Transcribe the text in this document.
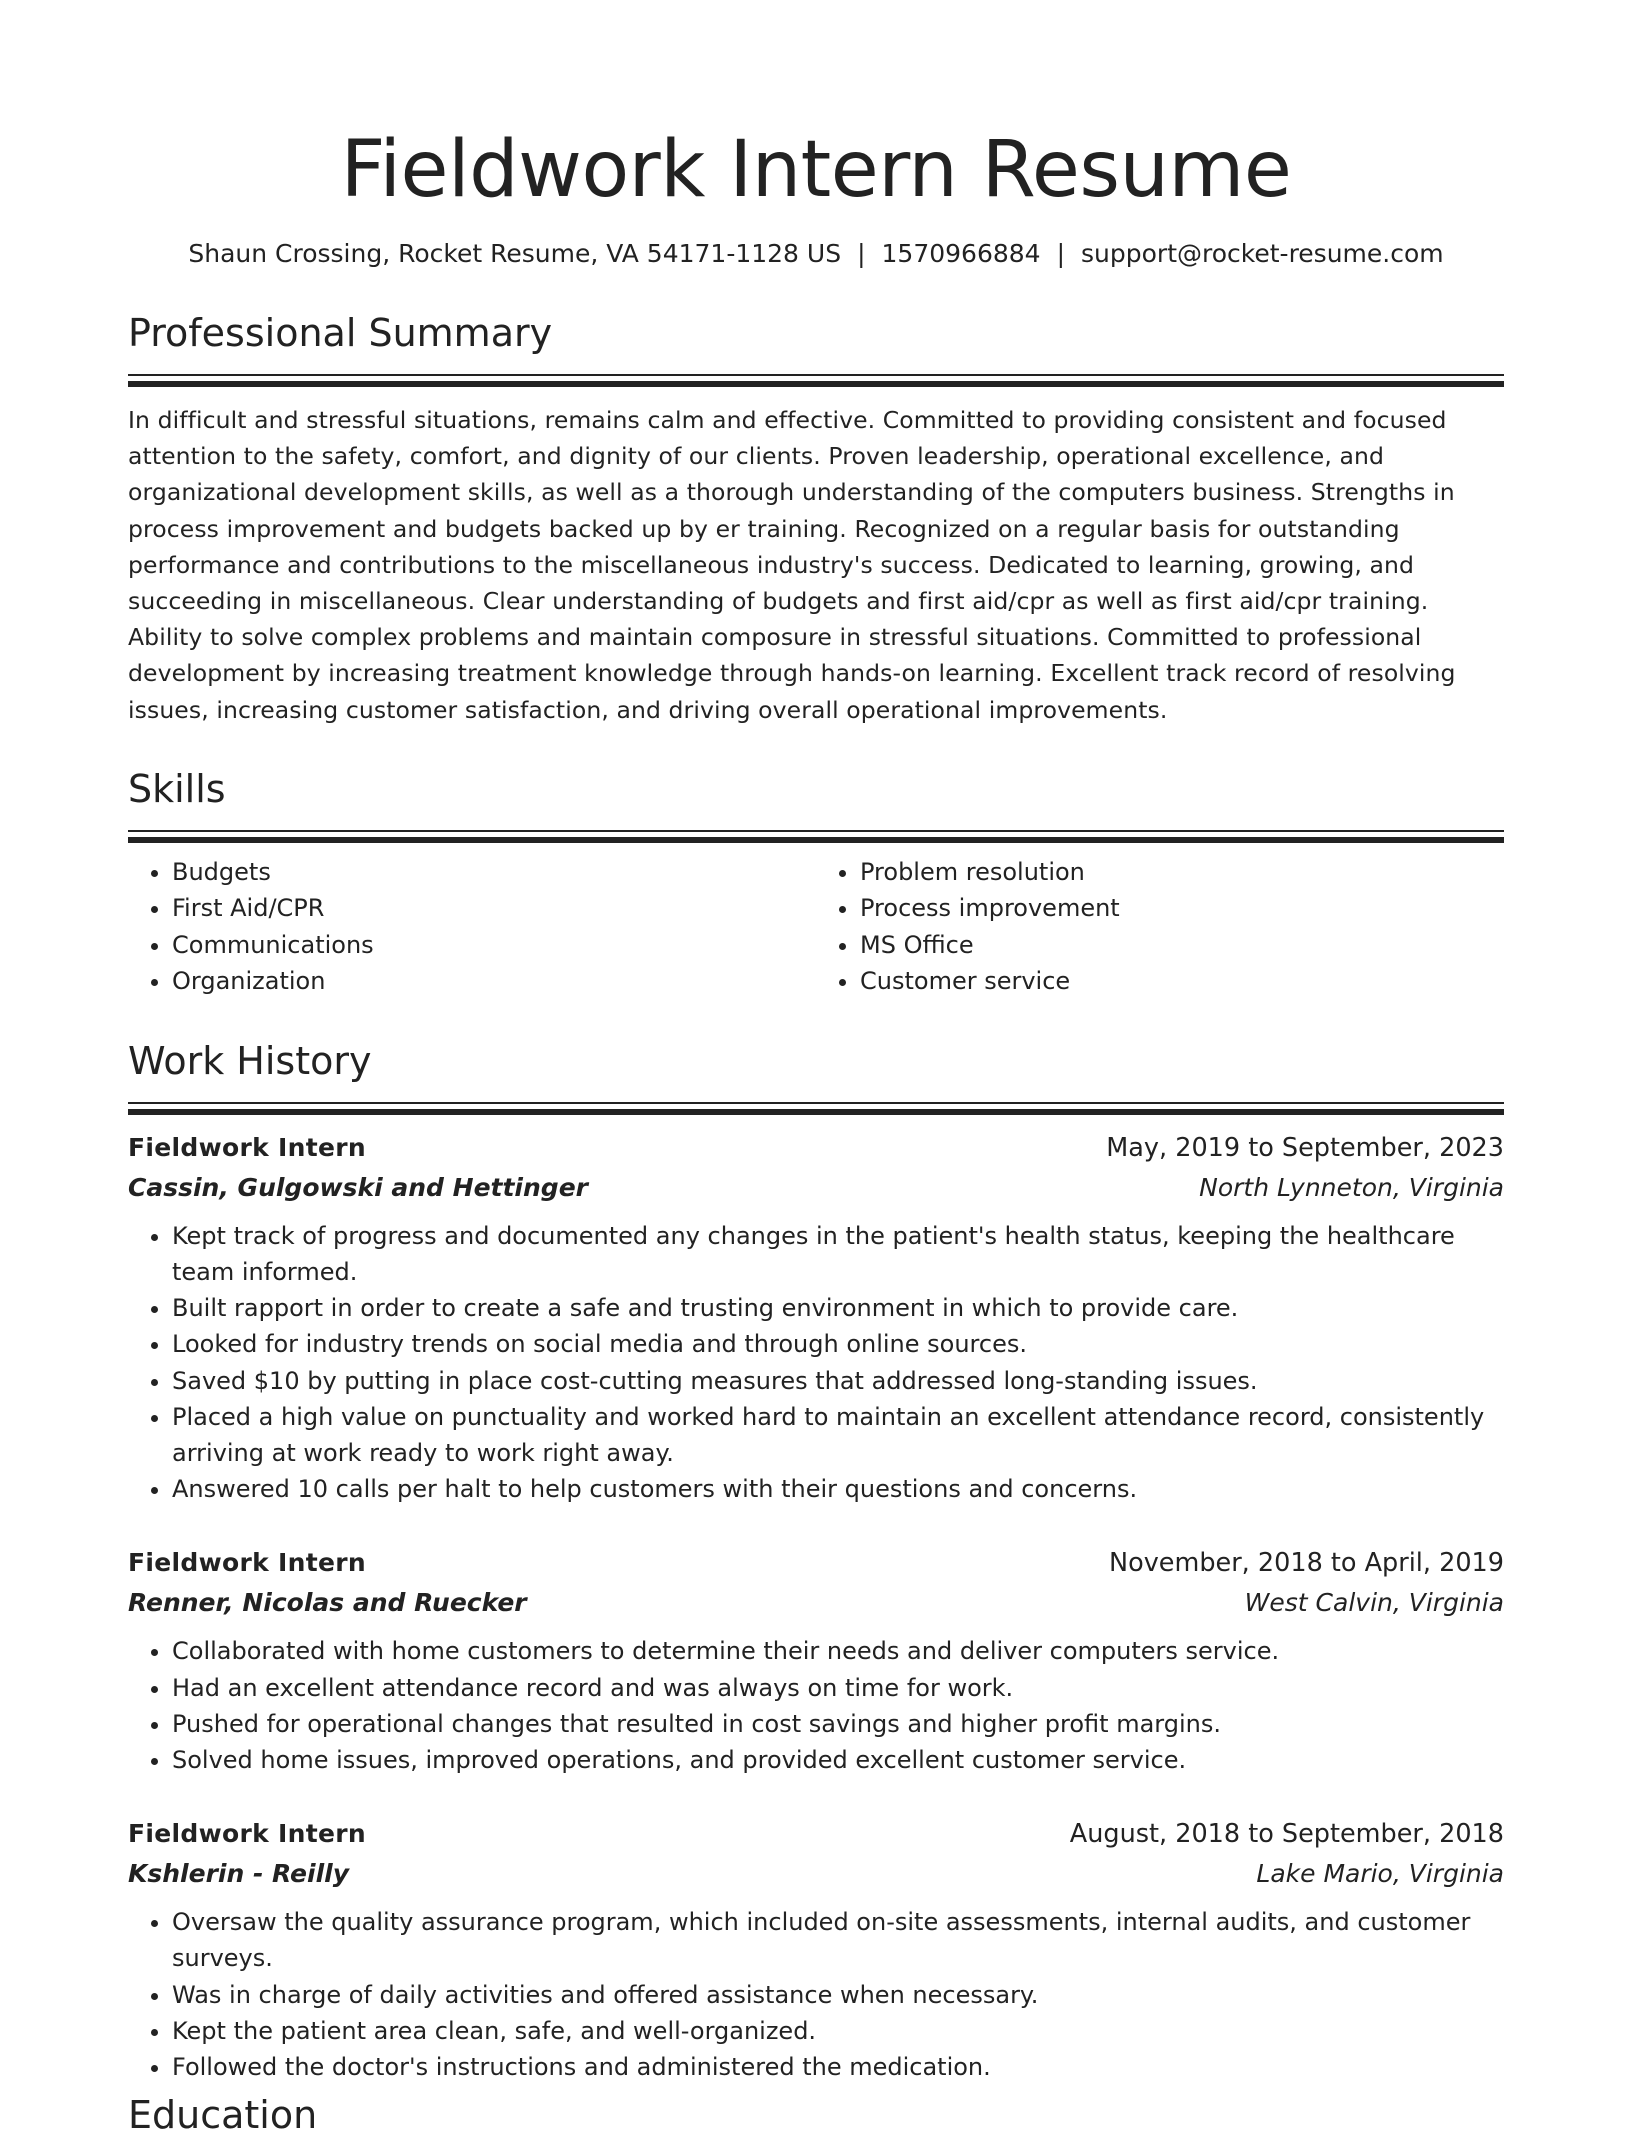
Fieldwork Intern Resume
Shaun Crossing, Rocket Resume, VA 54171-1128 US | 1570966884 | support@rocket-resume.com
Professional Summary
In difficult and stressful situations, remains calm and effective. Committed to providing consistent and focused attention to the safety, comfort, and dignity of our clients. Proven leadership, operational excellence, and organizational development skills, as well as a thorough understanding of the computers business. Strengths in process improvement and budgets backed up by er training. Recognized on a regular basis for outstanding performance and contributions to the miscellaneous industry's success. Dedicated to learning, growing, and succeeding in miscellaneous. Clear understanding of budgets and first aid/cpr as well as first aid/cpr training. Ability to solve complex problems and maintain composure in stressful situations. Committed to professional development by increasing treatment knowledge through hands-on learning. Excellent track record of resolving issues, increasing customer satisfaction, and driving overall operational improvements.
Skills
• Budgets
• First Aid/CPR
• Communications
• Organization
• Problem resolution
• Process improvement
• MS Office
• Customer service
Work History
Fieldwork Intern	May, 2019 to September, 2023
Cassin, Gulgowski and Hettinger	North Lynneton, Virginia
• Kept track of progress and documented any changes in the patient's health status, keeping the healthcare team informed.
• Built rapport in order to create a safe and trusting environment in which to provide care.
• Looked for industry trends on social media and through online sources.
• Saved $10 by putting in place cost-cutting measures that addressed long-standing issues.
• Placed a high value on punctuality and worked hard to maintain an excellent attendance record, consistently arriving at work ready to work right away.
• Answered 10 calls per halt to help customers with their questions and concerns.
Fieldwork Intern	November, 2018 to April, 2019
Renner, Nicolas and Ruecker	West Calvin, Virginia
• Collaborated with home customers to determine their needs and deliver computers service.
• Had an excellent attendance record and was always on time for work.
• Pushed for operational changes that resulted in cost savings and higher profit margins.
• Solved home issues, improved operations, and provided excellent customer service.
Fieldwork Intern	August, 2018 to September, 2018
Kshlerin - Reilly	Lake Mario, Virginia
• Oversaw the quality assurance program, which included on-site assessments, internal audits, and customer surveys.
• Was in charge of daily activities and offered assistance when necessary.
• Kept the patient area clean, safe, and well-organized.
• Followed the doctor's instructions and administered the medication.
Education
